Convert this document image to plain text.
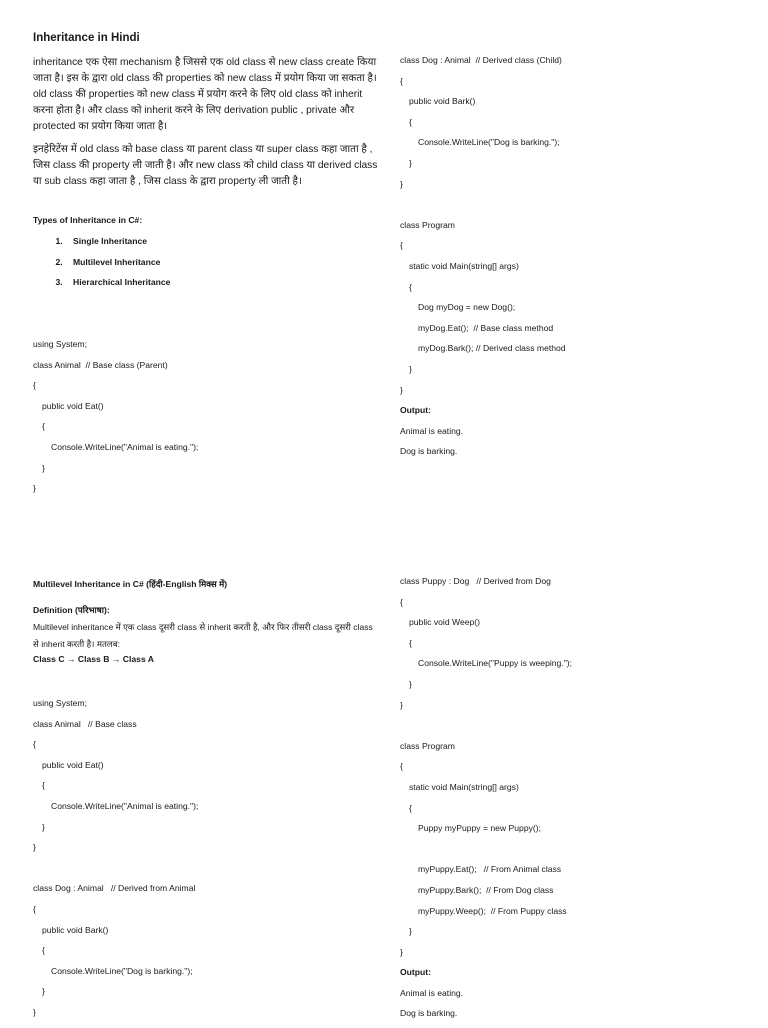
Inheritance in Hindi

inheritance एक ऐसा mechanism है जिससे एक old class से new class create किया जाता है। इस के द्वारा old class की properties को new class में प्रयोग किया जा सकता है। old class की properties को new class में प्रयोग करने के लिए old class को inherit करना होता है। और class को inherit करने के लिए derivation public , private और protected का प्रयोग किया जाता है।

इनहेरिटेंस में old class को base class या parent class या super class कहा जाता है , जिस class की property ली जाती है। और new class को child class या derived class या sub class कहा जाता है , जिस class के द्वारा property ली जाती है।

Types of Inheritance in C#:
1. Single Inheritance
2. Multilevel Inheritance
3. Hierarchical Inheritance
using System;
class Animal  // Base class (Parent)
{
public void Eat()
{
Console.WriteLine("Animal is eating.");
}
}
class Dog : Animal  // Derived class (Child)
{
public void Bark()
{
Console.WriteLine("Dog is barking.");
}
}
class Program
{
static void Main(string[] args)
{
Dog myDog = new Dog();
myDog.Eat();  // Base class method
myDog.Bark(); // Derived class method
}
}
Output:
Animal is eating.
Dog is barking.
Multilevel Inheritance in C# (हिंदी-English मिक्स में)
Definition (परिभाषा):
Multilevel inheritance में एक class दूसरी class से inherit करती है, और फिर तीसरी class दूसरी class से inherit करती है। मतलब:
Class C → Class B → Class A
using System;
class Animal   // Base class
{
public void Eat()
{
Console.WriteLine("Animal is eating.");
}
}
class Dog : Animal   // Derived from Animal
{
public void Bark()
{
Console.WriteLine("Dog is barking.");
}
}
class Puppy : Dog   // Derived from Dog
{
public void Weep()
{
Console.WriteLine("Puppy is weeping.");
}
}
class Program
{
static void Main(string[] args)
{
Puppy myPuppy = new Puppy();
myPuppy.Eat();   // From Animal class
myPuppy.Bark();  // From Dog class
myPuppy.Weep();  // From Puppy class
}
}
Output:
Animal is eating.
Dog is barking.
